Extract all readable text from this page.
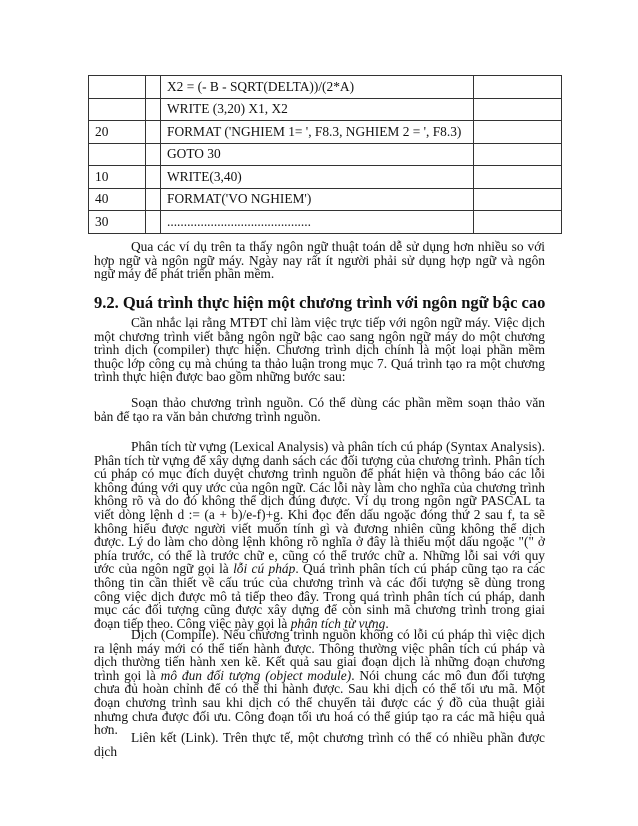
		X2 = (- B - SQRT(DELTA))/(2*A)	
		WRITE (3,20) X1, X2	
20		FORMAT ('NGHIEM 1= ', F8.3, NGHIEM 2 = ', F8.3)	
		GOTO 30	
10		WRITE(3,40)	
40		FORMAT('VO NGHIEM')	
30		...........................................	

Qua các ví dụ trên ta thấy ngôn ngữ thuật toán dễ sử dụng hơn nhiều so với hợp ngữ và ngôn ngữ máy. Ngày nay rất ít người phải sử dụng hợp ngữ và ngôn ngữ máy để phát triển phần mềm.

9.2. Quá trình thực hiện một chương trình với ngôn ngữ bậc cao

Cần nhắc lại rằng MTĐT chỉ làm việc trực tiếp với ngôn ngữ máy. Việc dịch một chương trình viết bằng ngôn ngữ bậc cao sang ngôn ngữ máy do một chương trình dịch (compiler) thực hiện. Chương trình dịch chính là một loại phần mềm thuộc lớp công cụ mà chúng ta thảo luận trong mục 7. Quá trình tạo ra một chương trình thực hiện được bao gồm những bước sau:

Soạn thảo chương trình nguồn. Có thể dùng các phần mềm soạn thảo văn bản để tạo ra văn bản chương trình nguồn.

Phân tích từ vựng (Lexical Analysis) và phân tích cú pháp (Syntax Analysis). Phân tích từ vựng để xây dựng danh sách các đối tượng của chương trình. Phân tích cú pháp có mục đích duyệt chương trình nguồn để phát hiện và thông báo các lỗi không đúng với quy ước của ngôn ngữ. Các lỗi này làm cho nghĩa của chương trình không rõ và do đó không thể dịch đúng được. Ví dụ trong ngôn ngữ PASCAL ta viết dòng lệnh d := (a + b)/e-f)+g. Khi đọc đến dấu ngoặc đóng thứ 2 sau f, ta sẽ không hiểu được người viết muốn tính gì và đương nhiên cũng không thể dịch được. Lý do làm cho dòng lệnh không rõ nghĩa ở đây là thiếu một dấu ngoặc "(" ở phía trước, có thể là trước chữ e, cũng có thể trước chữ a. Những lỗi sai với quy ước của ngôn ngữ gọi là lỗi cú pháp. Quá trình phân tích cú pháp cũng tạo ra các thông tin cần thiết về cấu trúc của chương trình và các đối tượng sẽ dùng trong công việc dịch được mô tả tiếp theo đây. Trong quá trình phân tích cú pháp, danh mục các đối tượng cũng được xây dựng để còn sinh mã chương trình trong giai đoạn tiếp theo. Công việc này gọi là phân tích từ vựng.

Dịch (Compile). Nếu chương trình nguồn không có lỗi cú pháp thì việc dịch ra lệnh máy mới có thể tiến hành được. Thông thường việc phân tích cú pháp và dịch thường tiến hành xen kẽ. Kết quả sau giai đoạn dịch là những đoạn chương trình gọi là mô đun đối tượng (object module). Nói chung các mô đun đối tượng chưa đủ hoàn chỉnh để có thể thi hành được. Sau khi dịch có thể tối ưu mã. Một đoạn chương trình sau khi dịch có thể chuyển tải được các ý đồ của thuật giải nhưng chưa được đối ưu. Công đoạn tối ưu hoá có thể giúp tạo ra các mã hiệu quả hơn.

Liên kết (Link). Trên thực tế, một chương trình có thể có nhiều phần được dịch
